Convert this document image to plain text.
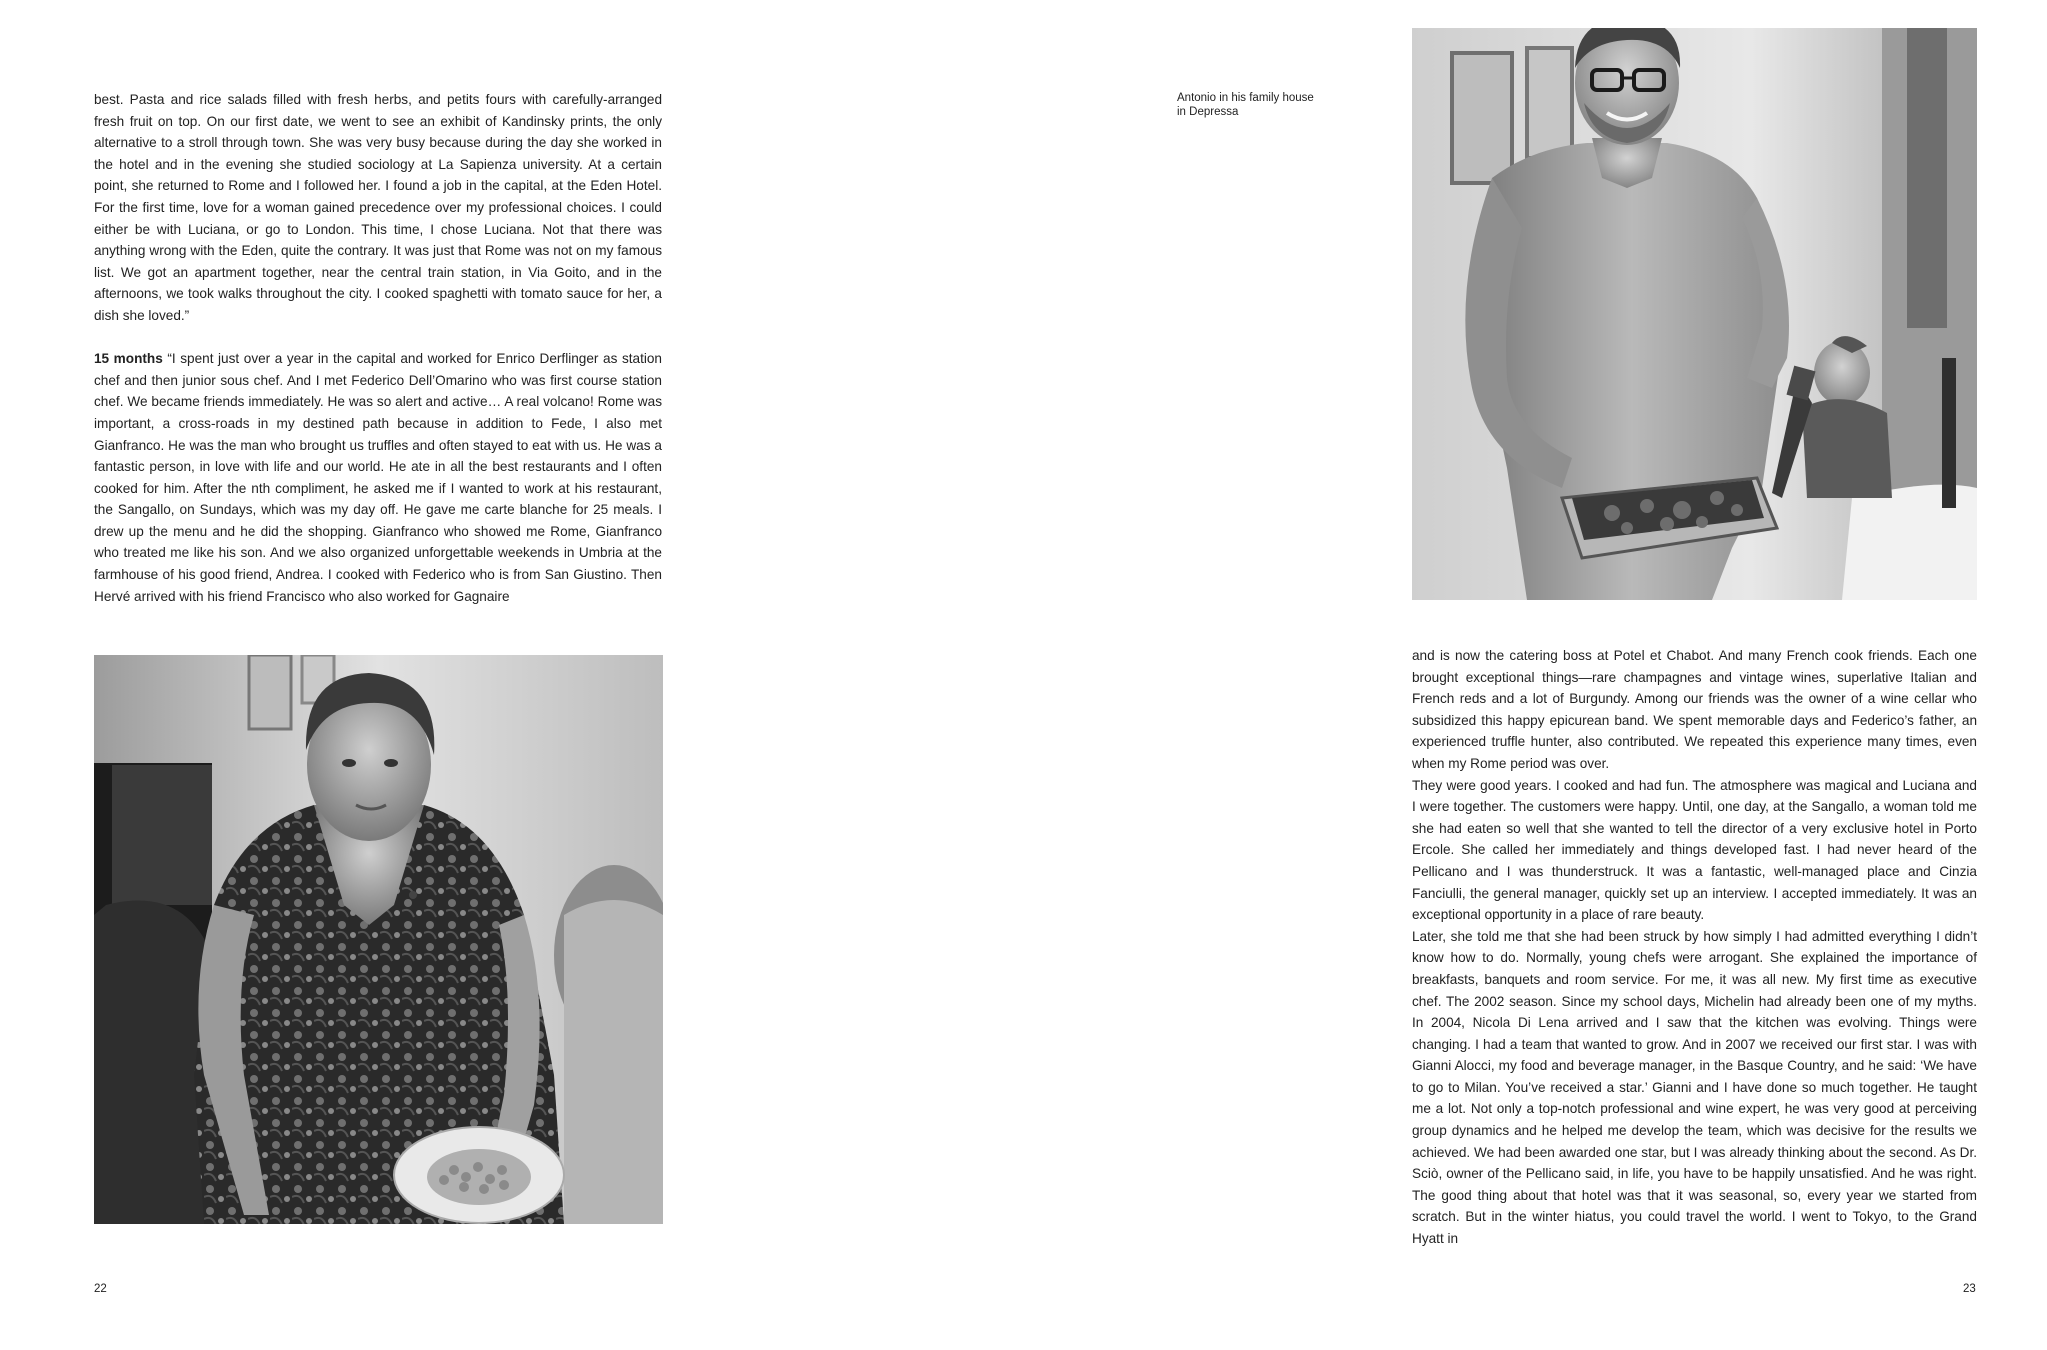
best. Pasta and rice salads filled with fresh herbs, and petits fours with carefully-arranged fresh fruit on top. On our first date, we went to see an exhibit of Kandinsky prints, the only alternative to a stroll through town. She was very busy because during the day she worked in the hotel and in the evening she studied sociology at La Sapienza university. At a certain point, she returned to Rome and I followed her. I found a job in the capital, at the Eden Hotel. For the first time, love for a woman gained precedence over my professional choices. I could either be with Luciana, or go to London. This time, I chose Luciana. Not that there was anything wrong with the Eden, quite the contrary. It was just that Rome was not on my famous list. We got an apartment together, near the central train station, in Via Goito, and in the afternoons, we took walks throughout the city. I cooked spaghetti with tomato sauce for her, a dish she loved.”

15 months “I spent just over a year in the capital and worked for Enrico Derflinger as station chef and then junior sous chef. And I met Federico Dell’Omarino who was first course station chef. We became friends immediately. He was so alert and active… A real volcano! Rome was important, a cross-roads in my destined path because in addition to Fede, I also met Gianfranco. He was the man who brought us truffles and often stayed to eat with us. He was a fantastic person, in love with life and our world. He ate in all the best restaurants and I often cooked for him. After the nth compliment, he asked me if I wanted to work at his restaurant, the Sangallo, on Sundays, which was my day off. He gave me carte blanche for 25 meals. I drew up the menu and he did the shopping. Gianfranco who showed me Rome, Gianfranco who treated me like his son. And we also organized unforgettable weekends in Umbria at the farmhouse of his good friend, Andrea. I cooked with Federico who is from San Giustino. Then Hervé arrived with his friend Francisco who also worked for Gagnaire

22
Antonio in his family house
in Depressa

and is now the catering boss at Potel et Chabot. And many French cook friends. Each one brought exceptional things—rare champagnes and vintage wines, superlative Italian and French reds and a lot of Burgundy. Among our friends was the owner of a wine cellar who subsidized this happy epicurean band. We spent memorable days and Federico’s father, an experienced truffle hunter, also contributed. We repeated this experience many times, even when my Rome period was over.

They were good years. I cooked and had fun. The atmosphere was magical and Luciana and I were together. The customers were happy. Until, one day, at the Sangallo, a woman told me she had eaten so well that she wanted to tell the director of a very exclusive hotel in Porto Ercole. She called her immediately and things developed fast. I had never heard of the Pellicano and I was thunderstruck. It was a fantastic, well-managed place and Cinzia Fanciulli, the general manager, quickly set up an interview. I accepted immediately. It was an exceptional opportunity in a place of rare beauty.

Later, she told me that she had been struck by how simply I had admitted everything I didn’t know how to do. Normally, young chefs were arrogant. She explained the importance of breakfasts, banquets and room service. For me, it was all new. My first time as executive chef. The 2002 season. Since my school days, Michelin had already been one of my myths. In 2004, Nicola Di Lena arrived and I saw that the kitchen was evolving. Things were changing. I had a team that wanted to grow. And in 2007 we received our first star. I was with Gianni Alocci, my food and beverage manager, in the Basque Country, and he said: ‘We have to go to Milan. You’ve received a star.’ Gianni and I have done so much together. He taught me a lot. Not only a top-notch professional and wine expert, he was very good at perceiving group dynamics and he helped me develop the team, which was decisive for the results we achieved. We had been awarded one star, but I was already thinking about the second. As Dr. Sciò, owner of the Pellicano said, in life, you have to be happily unsatisfied. And he was right. The good thing about that hotel was that it was seasonal, so, every year we started from scratch. But in the winter hiatus, you could travel the world. I went to Tokyo, to the Grand Hyatt in

23
